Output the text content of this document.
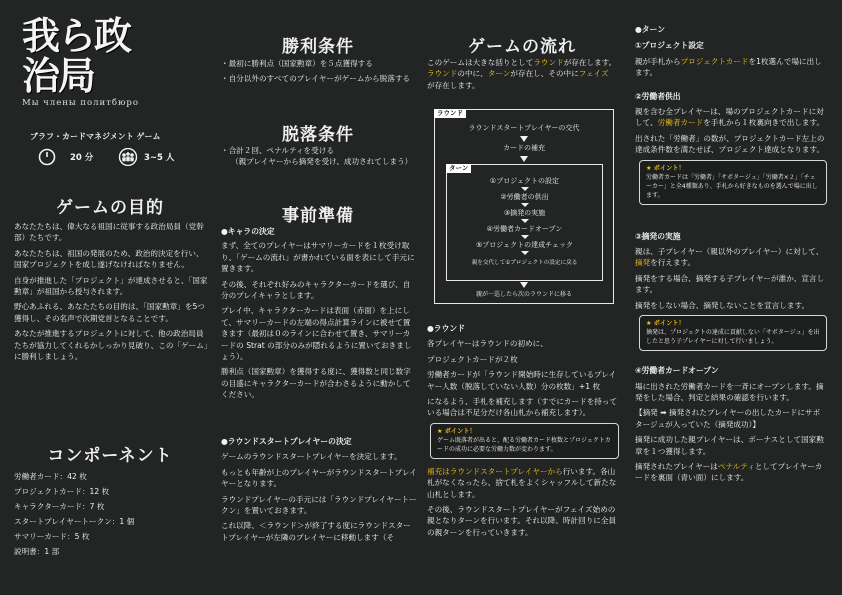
我ら政治局
Мы члены политбюро
ブラフ・カードマネジメント ゲーム
20 分	3~5 人
ゲームの目的

あなたたちは、偉大なる祖国に従事する政治局員（党幹部）たちです。

あなたたちは、祖国の発展のため、政治的決定を行い、国家プロジェクトを成し遂げなければなりません。

自身が推進した「プロジェクト」が達成させると、「国家勲章」が祖国から授与されます。

野心あふれる、あなたたちの目的は、「国家勲章」を5つ獲得し、その名声で次期党首となることです。

あなたが推進するプロジェクトに対して、他の政治局員たちが協力してくれるかしっかり見破り、この「ゲーム」に勝利しましょう。

コンポーネント
労働者カード：42 枚
プロジェクトカード：12 枚
キャラクターカード：7 枚
スタートプレイヤートークン：1 個
サマリーカード：5 枚
説明書：1 部
勝利条件

・最初に勝利点（国家勲章）を５点獲得する

・自分以外のすべてのプレイヤーがゲームから脱落する

脱落条件
・合計２回、ペナルティを受ける
（親プレイヤーから摘発を受け、成功されてしまう）
事前準備
●キャラの決定

まず、全てのプレイヤーはサマリーカードを１枚受け取り、「ゲームの流れ」が書かれている面を表にして手元に置きます。

その後、それぞれ好みのキャラクターカードを選び、自分のプレイキャラとします。

プレイ中、キャラクターカードは表面（赤面）を上にして、サマリーカードの左端の得点計算ラインに被せて置きます（最初は０のラインに合わせて置き、サマリーカードの Strat の部分のみが隠れるように置いておきましょう）。

勝利点（国家勲章）を獲得する度に、獲得数と同じ数字の目盛にキャラクターカードが合わさるように動かしてください。

●ラウンドスタートプレイヤーの決定

ゲームのラウンドスタートプレイヤーを決定します。

もっとも年齢が上のプレイヤーがラウンドスタートプレイヤーとなります。

ラウンドプレイヤーの手元には「ラウンドプレイヤートークン」を置いておきます。

これ以降、＜ラウンド＞が終了する度にラウンドスタートプレイヤーが左隣のプレイヤーに移動します（そ

ゲームの流れ
このゲームは大きな括りとしてラウンドが存在します。
ラウンドの中に、ターンが存在し、その中にフェイズ
が存在します。
ラウンド
ラウンドスタートプレイヤーの交代
カードの補充
ターン
①プロジェクトの設定
②労働者の供出
③摘発の実施
④労働者カードオープン
⑤プロジェクトの達成チェック
親を交代して①プロジェクトの設定に戻る
親が一巡したら次のラウンドに移る
●ラウンド
各プレイヤーはラウンドの初めに、

プロジェクトカードが２枚

労働者カードが「ラウンド開始時に生存しているプレイヤー人数（脱落していない人数）分の枚数」+1 枚

になるよう、手札を補充します（すでにカードを持っている場合は不足分だけ各山札から補充します）。

★ ポイント！
ゲーム既落者が出ると、配る労働者カード枚数とプロジェクトカードの成功に必要な労働力数が変わります。

補充はラウンドスタートプレイヤーから行います。各山札がなくなったら、捨て札をよくシャッフルして新たな山札とします。

その後、ラウンドスタートプレイヤーがフェイズ始めの親となりターンを行います。それ以降、時計回りに全員の親ターンを行っていきます。

●ターン
①プロジェクト設定

親が手札からプロジェクトカードを1枚選んで場に出します。

②労働者供出

親を含む全プレイヤーは、場のプロジェクトカードに対して、労働者カードを手札から１枚裏向きで出します。

出された「労働者」の数が、プロジェクトカード左上の達成条件数を満たせば、プロジェクト達成となります。

★ ポイント！
労働者カードは「労働者」「サボタージュ」「労働者×２」「チェーカー」と全4種類あり、手札から好きなものを選んで場に出します。
③摘発の実施

親は、子プレイヤー（親以外のプレイヤー）に対して、摘発を行えます。

摘発をする場合、摘発する子プレイヤーが誰か、宣言します。

摘発をしない場合、摘発しないことを宣言します。

★ ポイント！
摘発は、プロジェクトの達成に貢献しない「サボタージュ」を出したと思う子プレイヤーに対して行いましょう。
④労働者カードオープン

場に出された労働者カードを一斉にオープンします。摘発をした場合、判定と結果の確認を行います。

【摘発 ➡ 摘発されたプレイヤーの出したカードにサボタージュが入っていた（摘発成功）】

摘発に成功した親プレイヤーは、ボーナスとして国家勲章を１つ獲得します。

摘発されたプレイヤーはペナルティとしてプレイヤーカードを裏面（青い面）にします。
